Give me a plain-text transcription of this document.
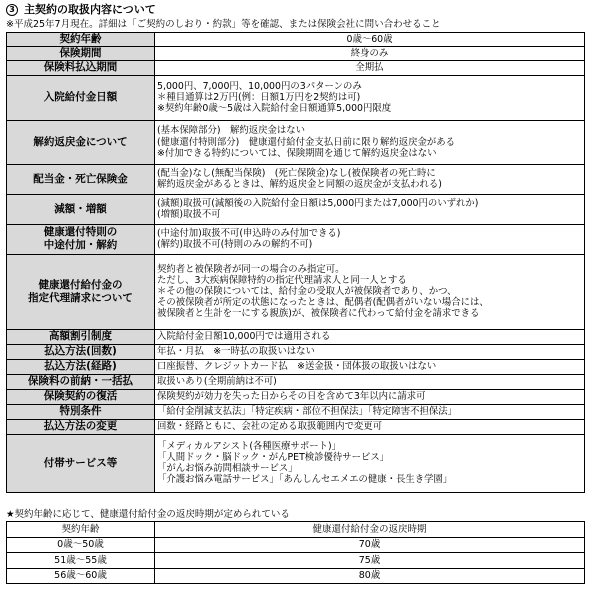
3 主契約の取扱内容について
※平成25年7月現在。詳細は「ご契約のしおり・約款」等を確認、または保険会社に問い合わせること
契約年齢	0歳～60歳

保険期間	終身のみ

保険料払込期間	全期払

入院給付金日額	5,000円、7,000円、10,000円の3パターンのみ
＊種目通算は2万円(例：日額1万円を2契約は可)
※契約年齢0歳～5歳は入院給付金日額通算5,000円限度

解約返戻金について	(基本保障部分)　解約返戻金はない
(健康還付特則部分)　健康還付給付金支払日前に限り解約返戻金がある
※付加できる特約については、保険期間を通じて解約返戻金はない

配当金・死亡保険金	(配当金)なし(無配当保険)　(死亡保険金)なし(被保険者の死亡時に
解約返戻金があるときは、解約返戻金と同額の返戻金が支払われる)

減額・増額	(減額)取扱可(減額後の入院給付金日額は5,000円または7,000円のいずれか)
(増額)取扱不可

健康還付特則の
中途付加・解約	(中途付加)取扱不可(申込時のみ付加できる)
(解約)取扱不可(特則のみの解約不可)

健康還付給付金の
指定代理請求について	契約者と被保険者が同一の場合のみ指定可。
ただし、3大疾病保障特約の指定代理請求人と同一人とする
＊その他の保険については、給付金の受取人が被保険者であり、かつ、
その被保険者が所定の状態になったときは、配偶者(配偶者がいない場合には、
被保険者と生計を一にする親族)が、被保険者に代わって給付金を請求できる

高額割引制度	入院給付金日額10,000円では適用される

払込方法(回数)	年払・月払　※一時払の取扱いはない

払込方法(経路)	口座振替、クレジットカード払　※送金扱・団体扱の取扱いはない

保険料の前納・一括払	取扱いあり(全期前納は不可)

保険契約の復活	保険契約が効力を失った日からその日を含めて3年以内に請求可

特別条件	「給付金削減支払法」「特定疾病・部位不担保法」「特定障害不担保法」

払込方法の変更	回数・経路ともに、会社の定める取扱範囲内で変更可

付帯サービス等	「メディカルアシスト(各種医療サポート)」
「人間ドック・脳ドック・がんPET検診優待サービス」
「がんお悩み訪問相談サービス」
「介護お悩み電話サービス」「あんしんセエメエの健康・長生き学園」
★契約年齢に応じて、健康還付給付金の返戻時期が定められている
契約年齢	健康還付給付金の返戻時期
0歳～50歳	70歳
51歳～55歳	75歳
56歳～60歳	80歳
